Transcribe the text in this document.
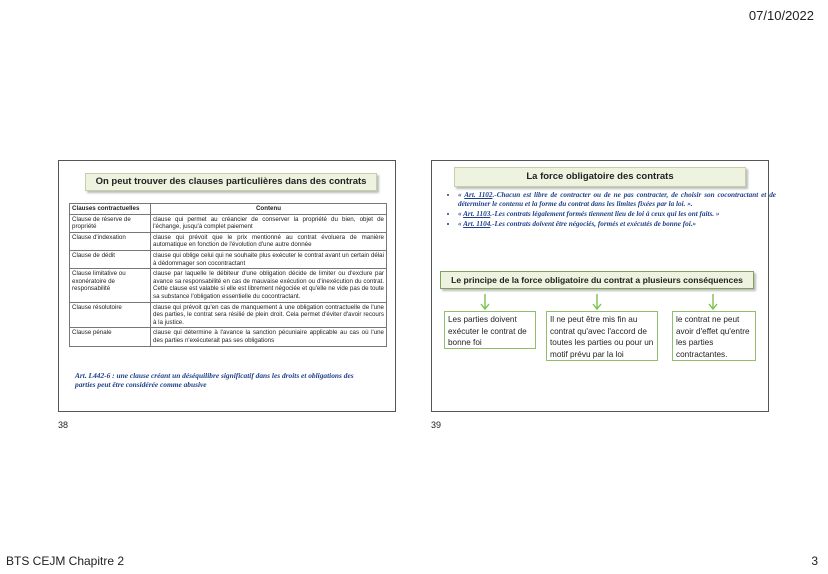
07/10/2022
On peut trouver des clauses particulières dans des contrats
Clauses contractuelles	Contenu
Clause de réserve de propriété	clause qui permet au créancier de conserver la propriété du bien, objet de l'échange, jusqu'à complet paiement
Clause d'indexation	clause qui prévoit que le prix mentionné au contrat évoluera de manière automatique en fonction de l'évolution d'une autre donnée
Clause de dédit	clause qui oblige celui qui ne souhaite plus exécuter le contrat avant un certain délai à dédommager son cocontractant
Clause limitative ou exonératoire de responsabilité	clause par laquelle le débiteur d'une obligation décide de limiter ou d'exclure par avance sa responsabilité en cas de mauvaise exécution ou d'inexécution du contrat. Cette clause est valable si elle est librement négociée et qu'elle ne vide pas de toute sa substance l'obligation essentielle du cocontractant.
Clause résolutoire	clause qui prévoit qu'en cas de manquement à une obligation contractuelle de l'une des parties, le contrat sera résilié de plein droit. Cela permet d'éviter d'avoir recours à la justice.
Clause pénale	clause qui détermine à l'avance la sanction pécuniaire applicable au cas où l'une des parties n'exécuterait pas ses obligations
Art. L442-6 : une clause créant un déséquilibre significatif dans les droits et obligations des parties peut être considérée comme abusive
38
La force obligatoire des contrats
• « Art. 1102.-Chacun est libre de contracter ou de ne pas contracter, de choisir son cocontractant et de déterminer le contenu et la forme du contrat dans les limites fixées par la loi. ».
• « Art. 1103.-Les contrats légalement formés tiennent lieu de loi à ceux qui les ont faits. »
• « Art. 1104.-Les contrats doivent être négociés, formés et exécutés de bonne foi.»
Le principe de la force obligatoire du contrat a plusieurs conséquences
Les parties doivent exécuter le contrat de bonne foi
Il ne peut être mis fin au contrat qu'avec l'accord de toutes les parties ou pour un motif prévu par la loi
le contrat ne peut avoir d'effet qu'entre les parties contractantes.
39
BTS CEJM Chapitre 2	3
